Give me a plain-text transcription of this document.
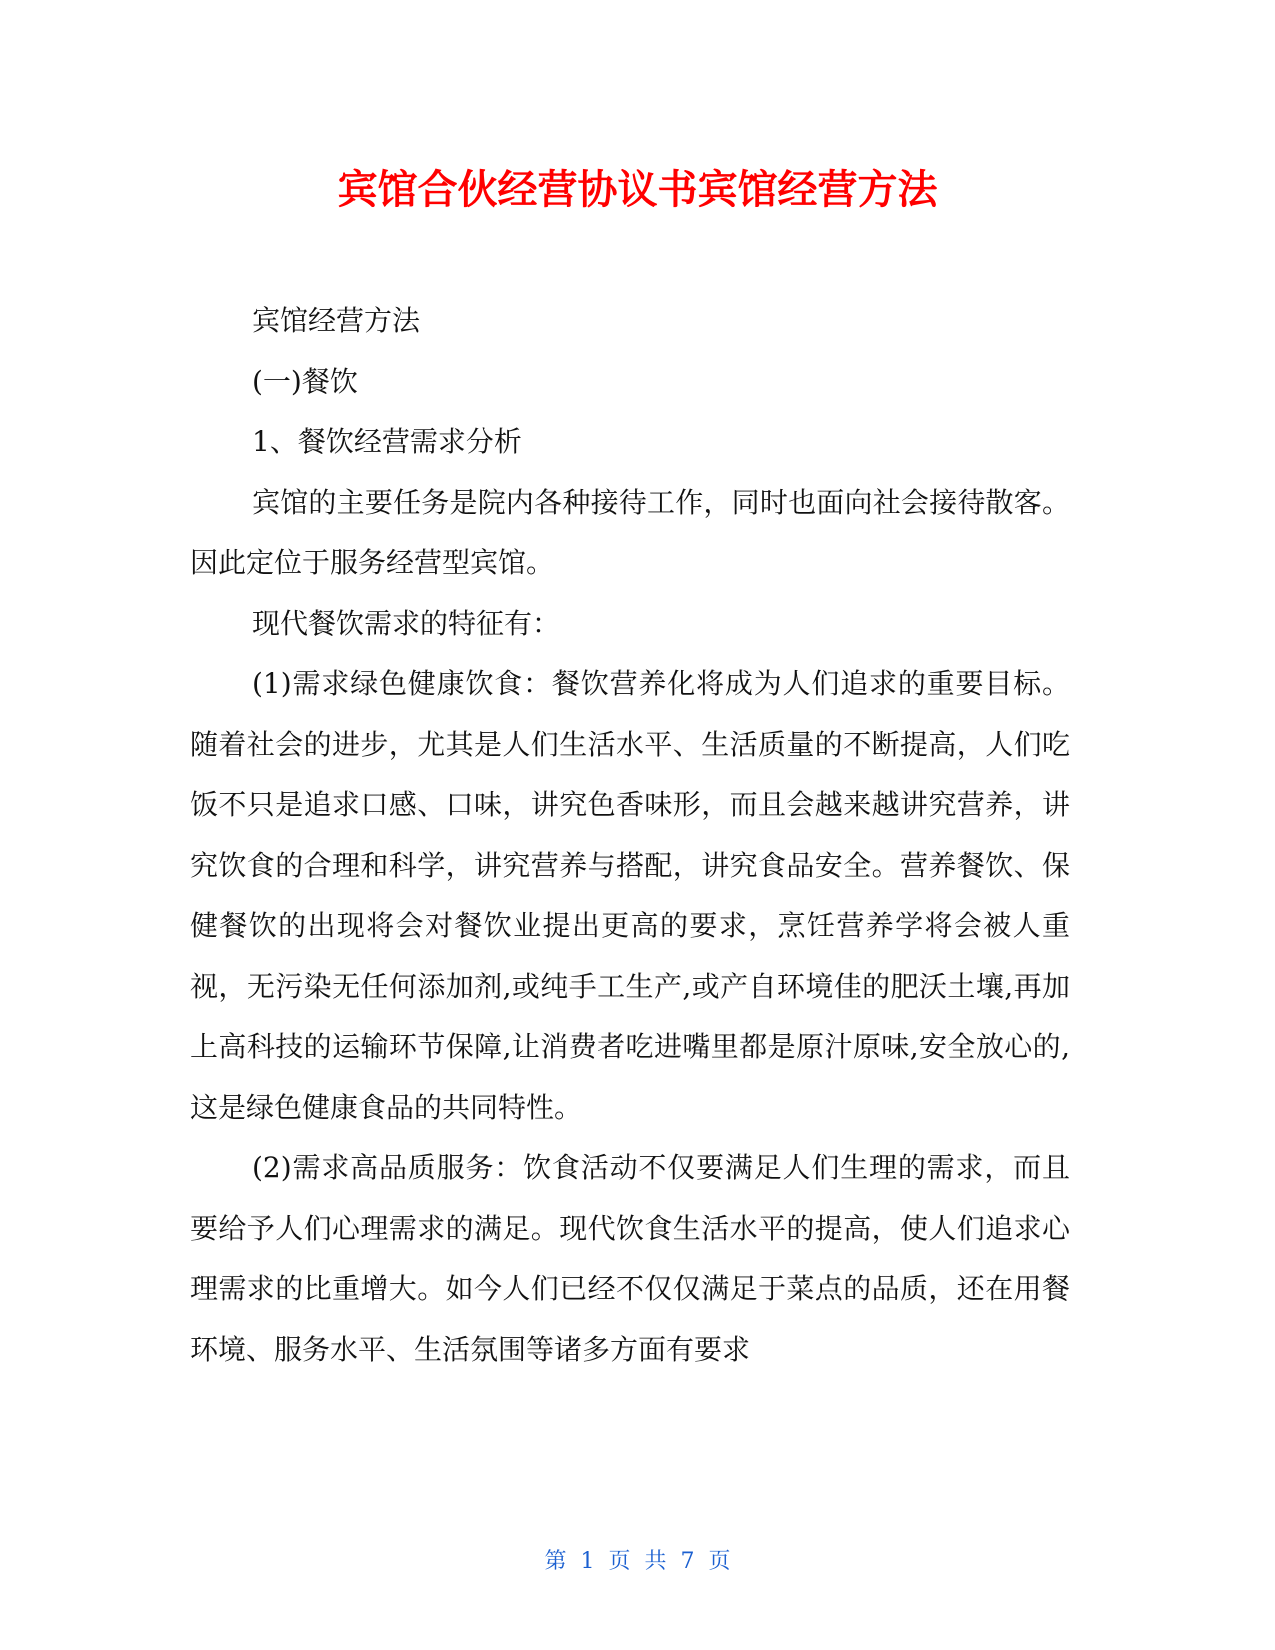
宾馆合伙经营协议书宾馆经营方法

宾馆经营方法

(一)餐饮

1、餐饮经营需求分析

宾馆的主要任务是院内各种接待工作，同时也面向社会接待散客。因此定位于服务经营型宾馆。

现代餐饮需求的特征有：

(1)需求绿色健康饮食：餐饮营养化将成为人们追求的重要目标。随着社会的进步，尤其是人们生活水平、生活质量的不断提高，人们吃饭不只是追求口感、口味，讲究色香味形，而且会越来越讲究营养，讲究饮食的合理和科学，讲究营养与搭配，讲究食品安全。营养餐饮、保健餐饮的出现将会对餐饮业提出更高的要求，烹饪营养学将会被人重视，无污染无任何添加剂,或纯手工生产,或产自环境佳的肥沃土壤,再加上高科技的运输环节保障,让消费者吃进嘴里都是原汁原味,安全放心的,这是绿色健康食品的共同特性。

(2)需求高品质服务：饮食活动不仅要满足人们生理的需求，而且要给予人们心理需求的满足。现代饮食生活水平的提高，使人们追求心理需求的比重增大。如今人们已经不仅仅满足于菜点的品质，还在用餐环境、服务水平、生活氛围等诸多方面有要求

第 1 页 共 7 页
